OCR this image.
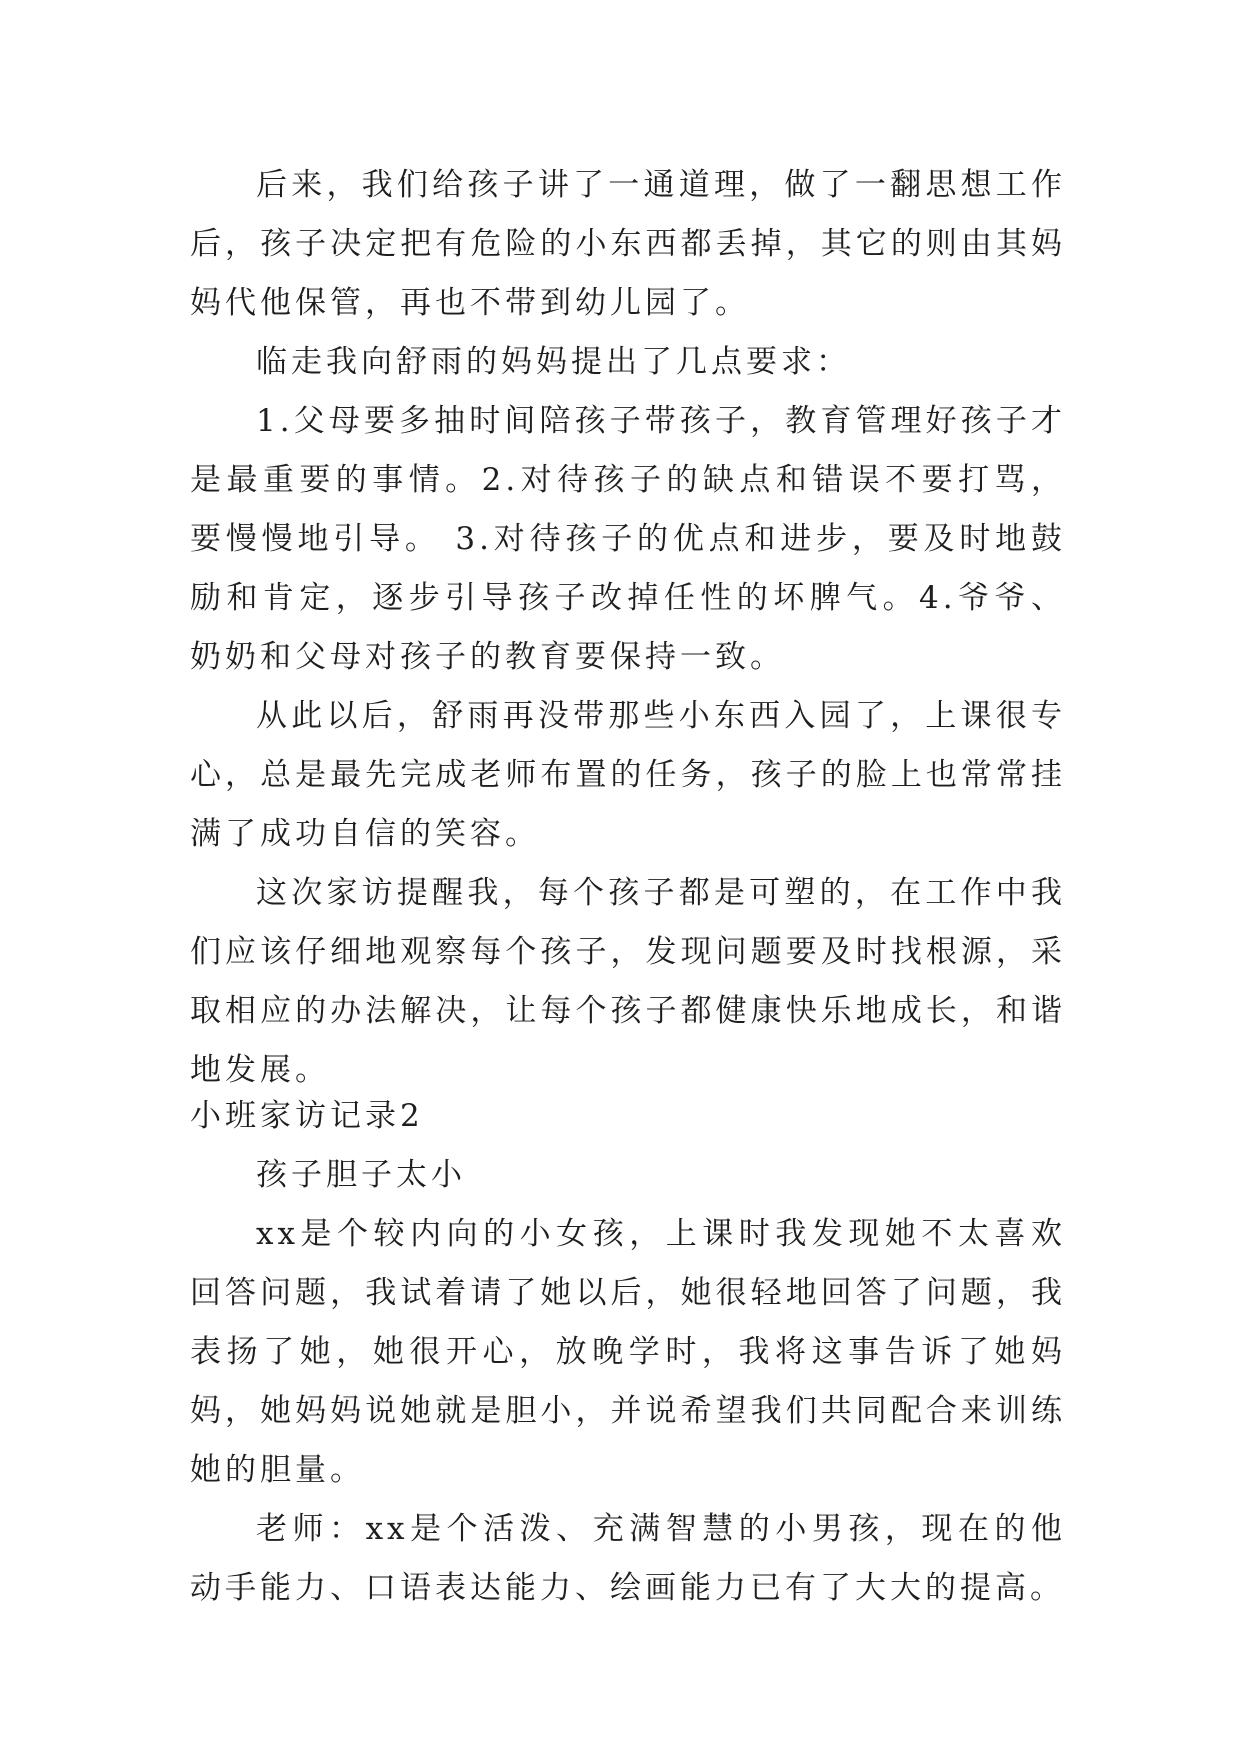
后来，我们给孩子讲了一通道理，做了一翻思想工作后，孩子决定把有危险的小东西都丢掉，其它的则由其妈妈代他保管，再也不带到幼儿园了。

临走我向舒雨的妈妈提出了几点要求：

1.父母要多抽时间陪孩子带孩子，教育管理好孩子才是最重要的事情。2.对待孩子的缺点和错误不要打骂，要慢慢地引导。 3.对待孩子的优点和进步，要及时地鼓励和肯定，逐步引导孩子改掉任性的坏脾气。4.爷爷、奶奶和父母对孩子的教育要保持一致。

从此以后，舒雨再没带那些小东西入园了，上课很专心，总是最先完成老师布置的任务，孩子的脸上也常常挂满了成功自信的笑容。

这次家访提醒我，每个孩子都是可塑的，在工作中我们应该仔细地观察每个孩子，发现问题要及时找根源，采取相应的办法解决，让每个孩子都健康快乐地成长，和谐地发展。

小班家访记录2

孩子胆子太小

xx是个较内向的小女孩，上课时我发现她不太喜欢回答问题，我试着请了她以后，她很轻地回答了问题，我表扬了她，她很开心，放晚学时，我将这事告诉了她妈妈，她妈妈说她就是胆小，并说希望我们共同配合来训练她的胆量。

老师：xx是个活泼、充满智慧的小男孩，现在的他动手能力、口语表达能力、绘画能力已有了大大的提高。
